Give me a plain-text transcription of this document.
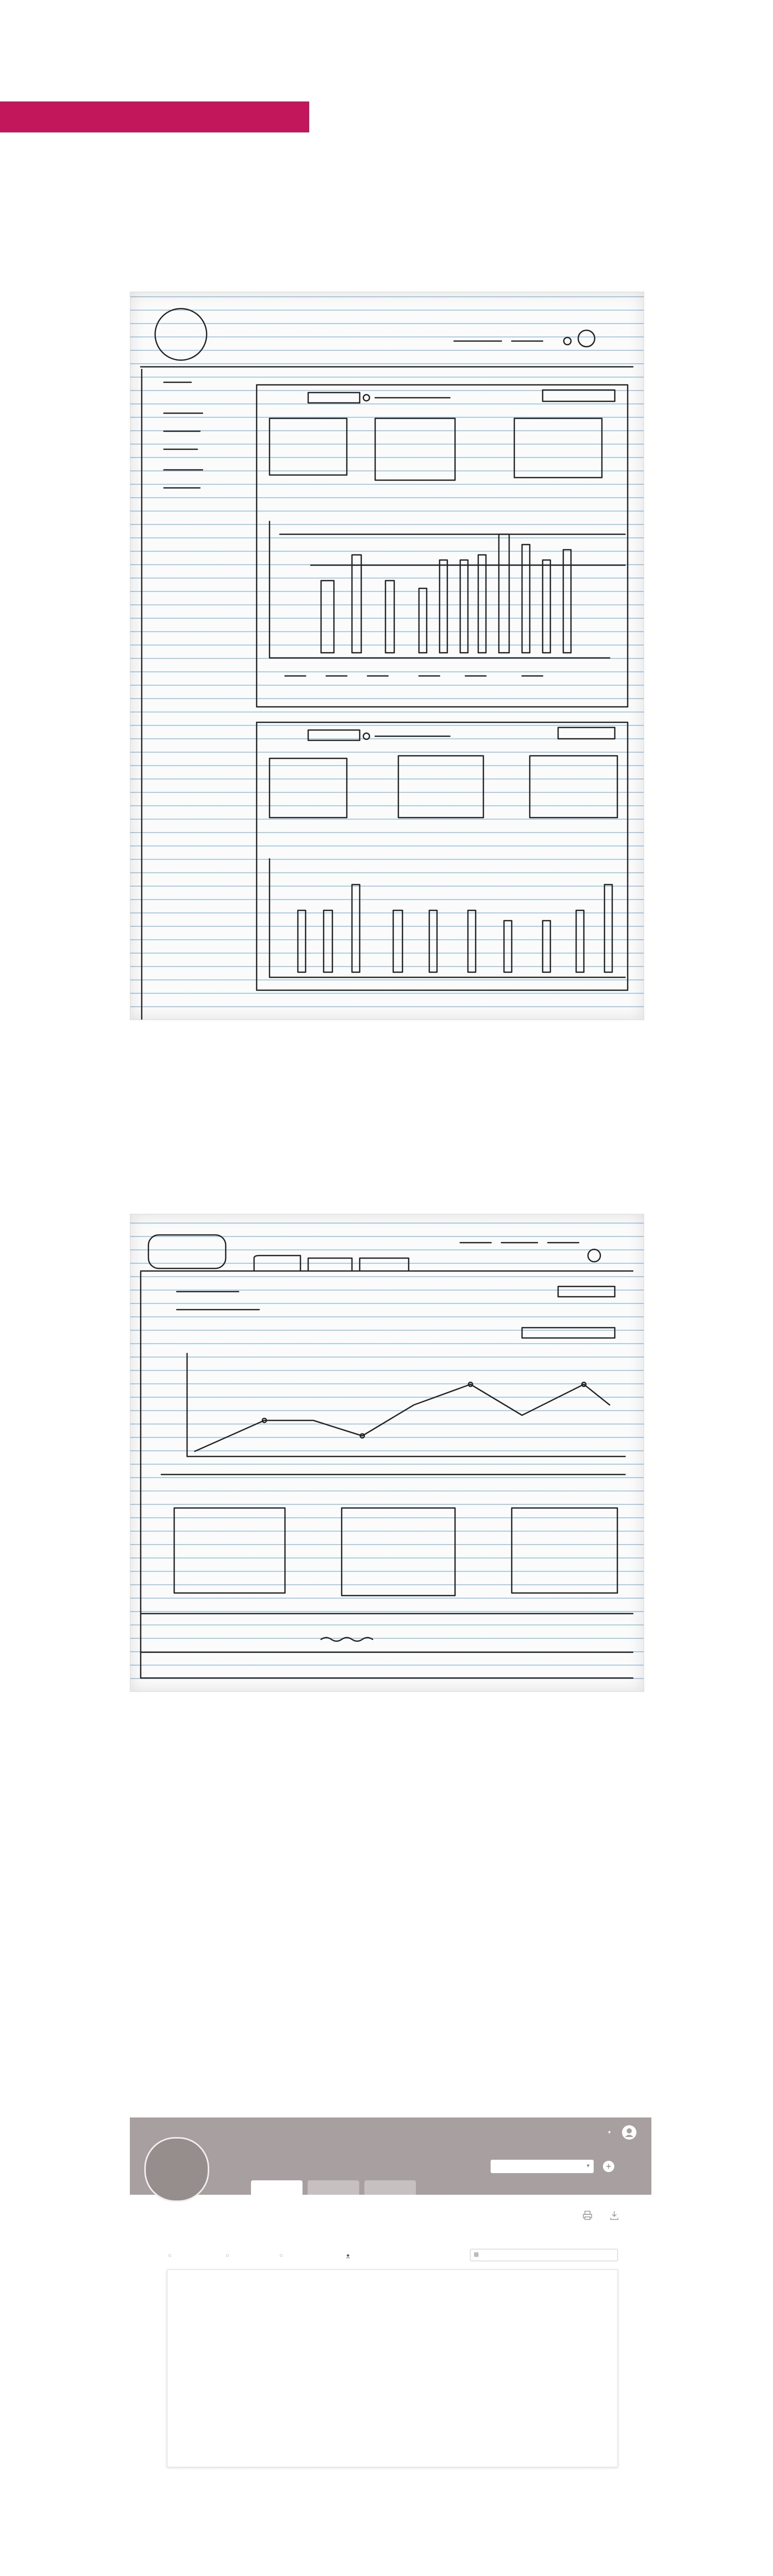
▾
▾	+
○	○	○	●	▦
